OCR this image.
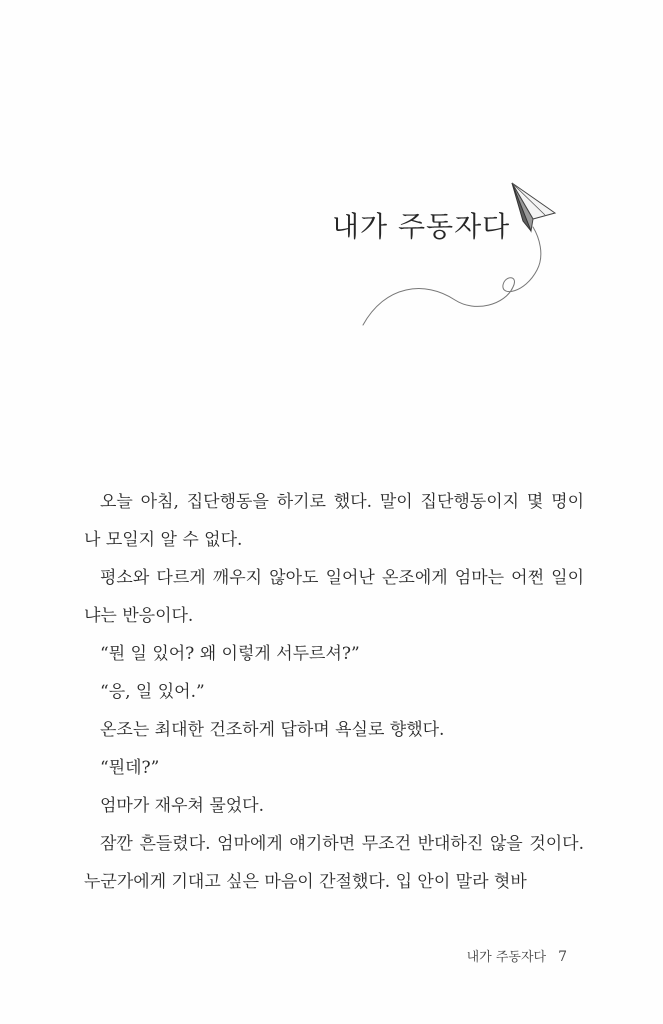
내가 주동자다

오늘 아침, 집단행동을 하기로 했다. 말이 집단행동이지 몇 명이 나 모일지 알 수 없다.

평소와 다르게 깨우지 않아도 일어난 온조에게 엄마는 어쩐 일이냐는 반응이다.

“뭔 일 있어? 왜 이렇게 서두르셔?”

“응, 일 있어.”

온조는 최대한 건조하게 답하며 욕실로 향했다.

“뭔데?”

엄마가 재우쳐 물었다.

잠깐 흔들렸다. 엄마에게 얘기하면 무조건 반대하진 않을 것이다. 누군가에게 기대고 싶은 마음이 간절했다. 입 안이 말라 혓바

내가 주동자다 7
